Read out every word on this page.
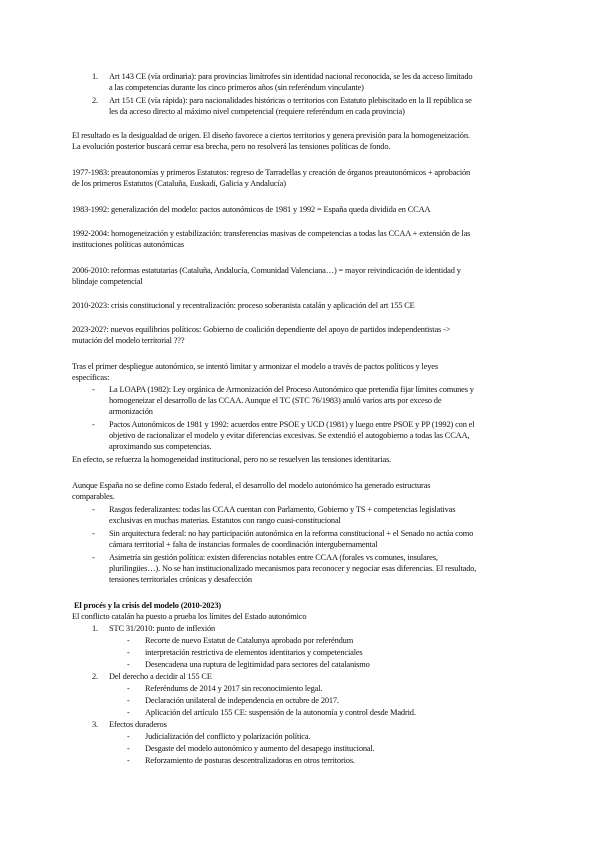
1. Art 143 CE (vía ordinaria): para provincias limítrofes sin identidad nacional reconocida, se les da acceso limitado
a las competencias durante los cinco primeros años (sin referéndum vinculante)
2. Art 151 CE (vía rápida): para nacionalidades históricas o territorios con Estatuto plebiscitado en la II república se
les da acceso directo al máximo nivel competencial (requiere referéndum en cada provincia)
El resultado es la desigualdad de origen. El diseño favorece a ciertos territorios y genera previsión para la homogeneización.
La evolución posterior buscará cerrar esa brecha, pero no resolverá las tensiones políticas de fondo.
1977-1983: preautonomías y primeros Estatutos: regreso de Tarradellas y creación de órganos preautonómicos + aprobación
de los primeros Estatutos (Cataluña, Euskadi, Galicia y Andalucía)
1983-1992: generalización del modelo: pactos autonómicos de 1981 y 1992 = España queda dividida en CCAA
1992-2004: homogeneización y estabilización: transferencias masivas de competencias a todas las CCAA + extensión de las
instituciones políticas autonómicas
2006-2010: reformas estatutarias (Cataluña, Andalucía, Comunidad Valenciana…) = mayor reivindicación de identidad y
blindaje competencial
2010-2023: crisis constitucional y recentralización: proceso soberanista catalán y aplicación del art 155 CE
2023-202?: nuevos equilibrios políticos: Gobierno de coalición dependiente del apoyo de partidos independentistas ->
mutación del modelo territorial ???
Tras el primer despliegue autonómico, se intentó limitar y armonizar el modelo a través de pactos políticos y leyes
específicas:
- La LOAPA (1982): Ley orgánica de Armonización del Proceso Autonómico que pretendía fijar límites comunes y
homogeneizar el desarrollo de las CCAA. Aunque el TC (STC 76/1983) anuló varios arts por exceso de
armonización
- Pactos Autonómicos de 1981 y 1992: acuerdos entre PSOE y UCD (1981) y luego entre PSOE y PP (1992) con el
objetivo de racionalizar el modelo y evitar diferencias excesivas. Se extendió el autogobierno a todas las CCAA,
aproximando sus competencias.
En efecto, se refuerza la homogeneidad institucional, pero no se resuelven las tensiones identitarias.
Aunque España no se define como Estado federal, el desarrollo del modelo autonómico ha generado estructuras
comparables.
- Rasgos federalizantes: todas las CCAA cuentan con Parlamento, Gobierno y TS + competencias legislativas
exclusivas en muchas materias. Estatutos con rango cuasi-constitucional
- Sin arquitectura federal: no hay participación autonómica en la reforma constitucional + el Senado no actúa como
cámara territorial + falta de instancias formales de coordinación intergubernamental
- Asimetría sin gestión política: existen diferencias notables entre CCAA (forales vs comunes, insulares,
plurilingües…). No se han institucionalizado mecanismos para reconocer y negociar esas diferencias. El resultado,
tensiones territoriales crónicas y desafección
El procés y la crisis del modelo (2010-2023)
El conflicto catalán ha puesto a prueba los límites del Estado autonómico
1. STC 31/2010: punto de inflexión
- Recorte de nuevo Estatut de Catalunya aprobado por referéndum
- interpretación restrictiva de elementos identitarios y competenciales
- Desencadena una ruptura de legitimidad para sectores del catalanismo
2. Del derecho a decidir al 155 CE
- Referéndums de 2014 y 2017 sin reconocimiento legal.
- Declaración unilateral de independencia en octubre de 2017.
- Aplicación del artículo 155 CE: suspensión de la autonomía y control desde Madrid.
3. Efectos duraderos
- Judicialización del conflicto y polarización política.
- Desgaste del modelo autonómico y aumento del desapego institucional.
- Reforzamiento de posturas descentralizadoras en otros territorios.
